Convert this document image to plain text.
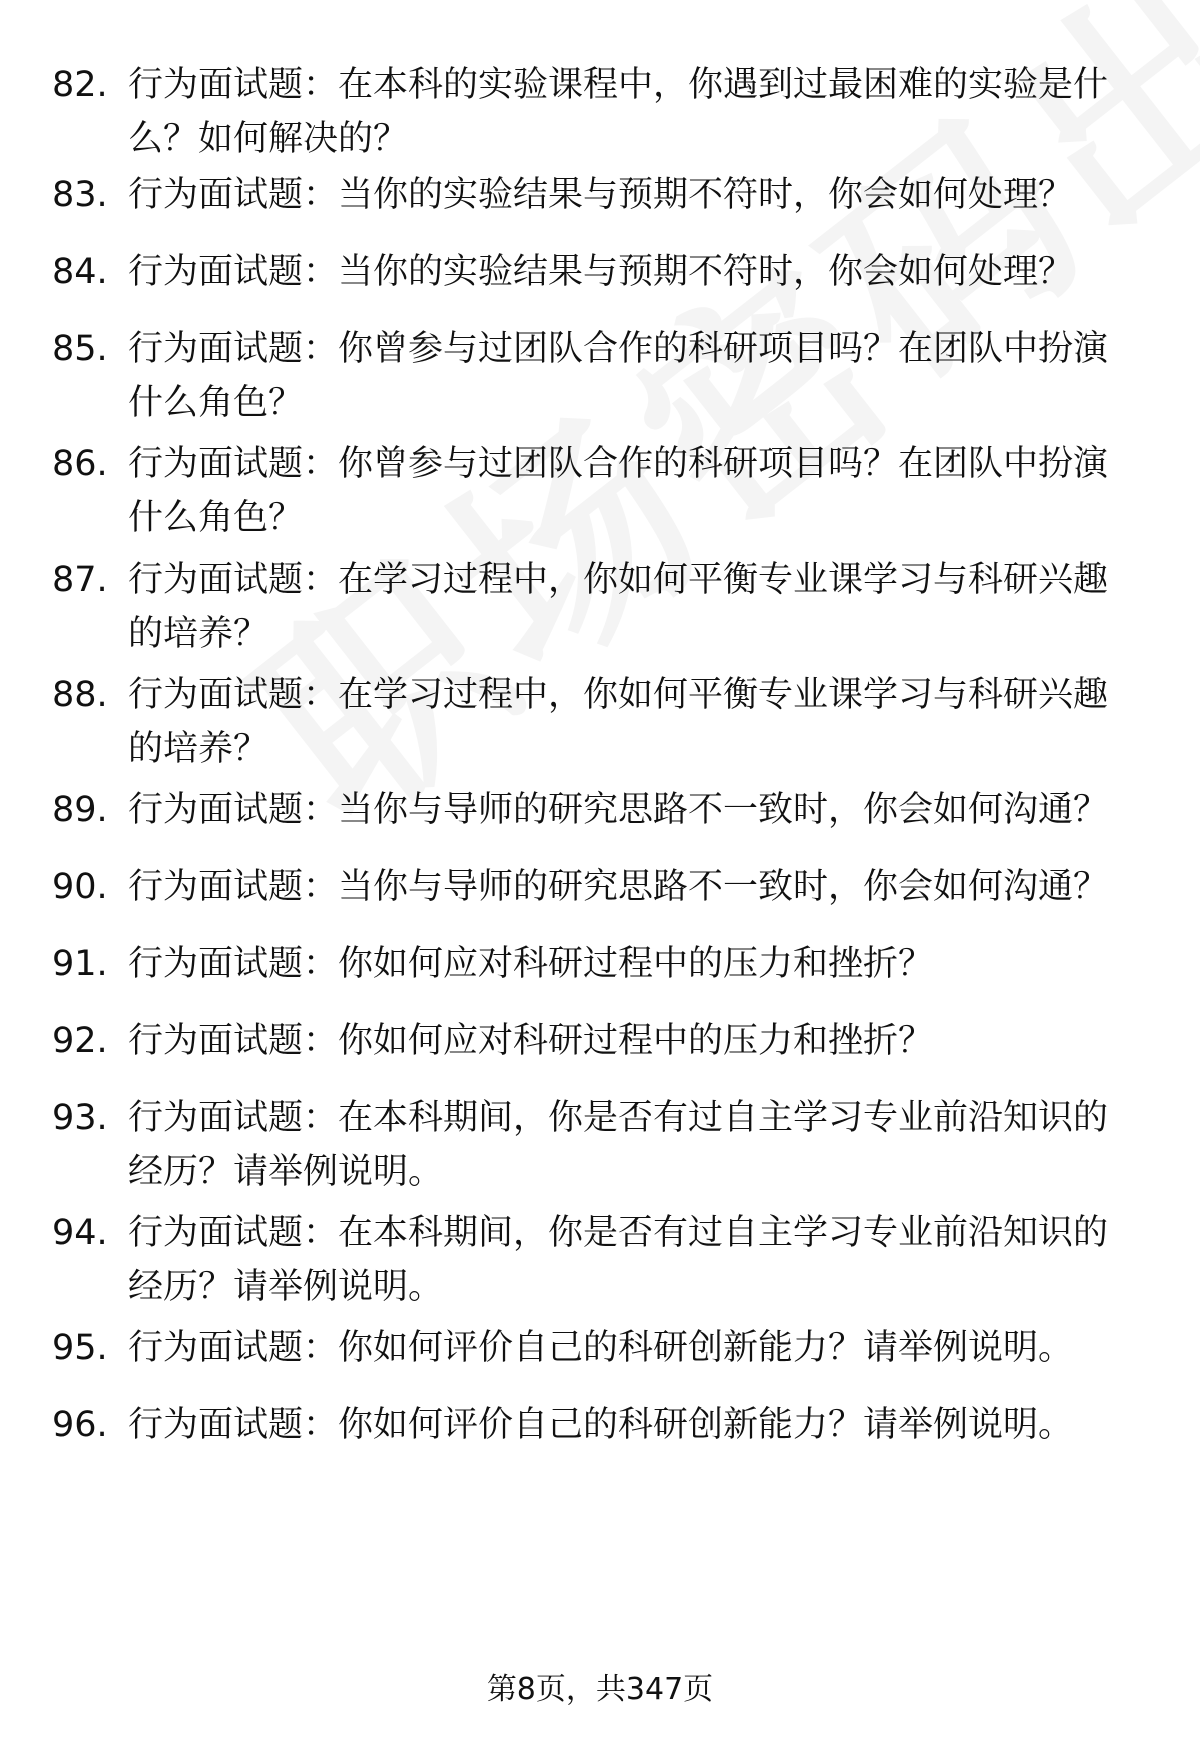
82. 行为面试题：在本科的实验课程中，你遇到过最困难的实验是什么？如何解决的？
83. 行为面试题：当你的实验结果与预期不符时，你会如何处理？
84. 行为面试题：当你的实验结果与预期不符时，你会如何处理？
85. 行为面试题：你曾参与过团队合作的科研项目吗？在团队中扮演什么角色？
86. 行为面试题：你曾参与过团队合作的科研项目吗？在团队中扮演什么角色？
87. 行为面试题：在学习过程中，你如何平衡专业课学习与科研兴趣的培养？
88. 行为面试题：在学习过程中，你如何平衡专业课学习与科研兴趣的培养？
89. 行为面试题：当你与导师的研究思路不一致时，你会如何沟通？
90. 行为面试题：当你与导师的研究思路不一致时，你会如何沟通？
91. 行为面试题：你如何应对科研过程中的压力和挫折？
92. 行为面试题：你如何应对科研过程中的压力和挫折？
93. 行为面试题：在本科期间，你是否有过自主学习专业前沿知识的经历？请举例说明。
94. 行为面试题：在本科期间，你是否有过自主学习专业前沿知识的经历？请举例说明。
95. 行为面试题：你如何评价自己的科研创新能力？请举例说明。
96. 行为面试题：你如何评价自己的科研创新能力？请举例说明。
第8页，共347页
